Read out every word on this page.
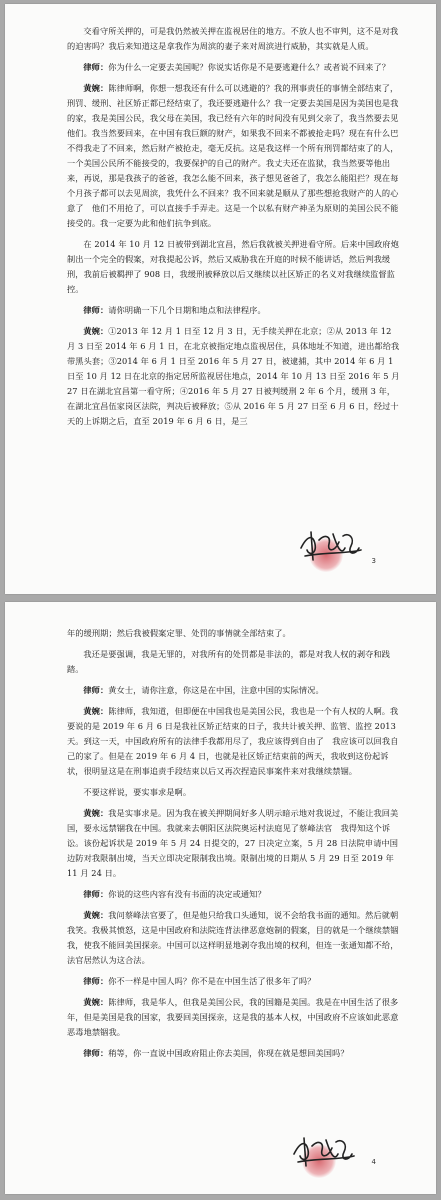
交看守所关押的，可是我仍然被关押在监视居住的地方。不放人也不审判，这不是对我的迫害吗？我后来知道这是拿我作为周滨的妻子来对周滨进行威胁，其实就是人质。

律师：你为什么一定要去美国呢？你说实话你是不是要逃避什么？或者说不回来了？

黄婉：陈律师啊，你想一想我还有什么可以逃避的？我的刑事责任的事情全部结束了，刑罚、缓刑、社区矫正都已经结束了，我还要逃避什么？我一定要去美国是因为美国也是我的家，我是美国公民，我父母在美国，我已经有六年的时间没有见到父亲了，我当然要去见他们。我当然要回来，在中国有我巨额的财产，如果我不回来不都被抢走吗？现在有什么巴不得我走了不回来，然后财产被抢走，毫无反抗。这是我这样一个所有刑罚都结束了的人，一个美国公民所不能接受的，我要保护的自己的财产。我丈夫还在监狱，我当然要等他出来，再说，那是我孩子的爸爸，我怎么能不回来，孩子想见爸爸了，我怎么能阻拦？现在每个月孩子都可以去见周滨，我凭什么不回来？我不回来就是顺从了那些想抢我财产的人的心意了　他们不用抢了，可以直接手手弄走。这是一个以私有财产神圣为原则的美国公民不能接受的。我一定要为此和他们抗争到底。

在 2014 年 10 月 12 日被带到湖北宜昌，然后我就被关押进看守所。后来中国政府炮制出一个完全的假案，对我提起公诉，然后又威胁我在开庭的时候不能讲话，然后判我缓刑，我前后被羁押了 908 日，我缓刑被释放以后又继续以社区矫正的名义对我继续监督监控。

律师：请你明确一下几个日期和地点和法律程序。

黄婉：①2013 年 12 月 1 日至 12 月 3 日，无手续关押在北京；②从 2013 年 12 月 3 日至 2014 年 6 月 1 日，在北京被指定地点监视居住，具体地址不知道，进出都给我带黑头套；③2014 年 6 月 1 日至 2016 年 5 月 27 日，被逮捕，其中 2014 年 6 月 1 日至 10 月 12 日在北京的指定居所监视居住地点，2014 年 10 月 13 日至 2016 年 5 月 27 日在湖北宜昌第一看守所；④2016 年 5 月 27 日被判缓刑 2 年 6 个月，缓刑 3 年，在湖北宜昌伍家岗区法院，判决后被释放；⑤从 2016 年 5 月 27 日至 6 月 6 日，经过十天的上诉期之后，直至 2019 年 6 月 6 日，是三

3

年的缓刑期；然后我被假案定罪、处罚的事情就全部结束了。

我还是要强调，我是无罪的，对我所有的处罚都是非法的，都是对我人权的剥夺和践踏。

律师：黄女士，请你注意，你这是在中国，注意中国的实际情况。

黄婉：陈律师，我知道，但即便在中国我也是美国公民，我也是一个有人权的人啊。我要说的是 2019 年 6 月 6 日是我社区矫正结束的日子，我共计被关押、监管、监控 2013 天。到这一天，中国政府所有的法律手我都用尽了，我应该得到自由了　我应该可以回我自己的家了。但是在 2019 年 6 月 4 日，也就是社区矫正结束前的两天，我收到这份起诉状，很明显这是在刑事追责手段结束以后又再次捏造民事案件来对我继续禁锢。

不要这样说，要实事求是啊。

黄婉：我是实事求是。因为我在被关押期间好多人明示暗示地对我说过，不能让我回美国，要永远禁锢我在中国。我就来去朝阳区法院奥运村法庭见了蔡峰法官　我得知这个诉讼。该份起诉状是 2019 年 5 月 24 日提交的，27 日决定立案，5 月 28 日法院申请中国边防对我限制出境，当天立即决定限制我出境。限制出境的日期从 5 月 29 日至 2019 年 11 月 24 日。

律师：你说的这些内容有没有书面的决定或通知？

黄婉：我问蔡峰法官要了，但是他只给我口头通知，说不会给我书面的通知。然后就朝我笑。我极其愤怒，这是中国政府和法院连背法律恶意炮制的假案，目的就是一个继续禁锢我，使我不能回美国探亲。中国可以这样明显地剥夺我出境的权利，但连一张通知都不给，法官居然认为这合法。

律师：你不一样是中国人吗？你不是在中国生活了很多年了吗？

黄婉：陈律师，我是华人，但我是美国公民，我的国籍是美国。我是在中国生活了很多年，但是美国是我的国家，我要回美国探亲，这是我的基本人权，中国政府不应该如此恶意恶毒地禁锢我。

律师：稍等，你一直说中国政府阻止你去美国，你现在就是想回美国吗？

4
